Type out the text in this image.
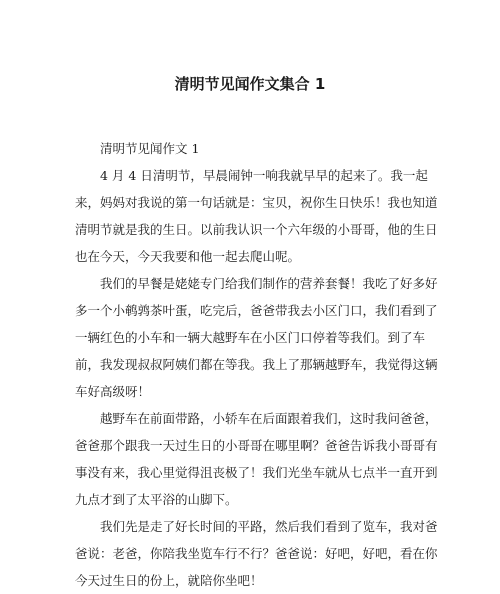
清明节见闻作文集合 1

清明节见闻作文 1

4 月 4 日清明节，早晨闹钟一响我就早早的起来了。我一起
来，妈妈对我说的第一句话就是：宝贝，祝你生日快乐！我也知道
清明节就是我的生日。以前我认识一个六年级的小哥哥，他的生日
也在今天，今天我要和他一起去爬山呢。

我们的早餐是姥姥专门给我们制作的营养套餐！我吃了好多好
多一个小鹌鹑茶叶蛋，吃完后，爸爸带我去小区门口，我们看到了
一辆红色的小车和一辆大越野车在小区门口停着等我们。到了车
前，我发现叔叔阿姨们都在等我。我上了那辆越野车，我觉得这辆
车好高级呀！

越野车在前面带路，小轿车在后面跟着我们，这时我问爸爸，
爸爸那个跟我一天过生日的小哥哥在哪里啊？爸爸告诉我小哥哥有
事没有来，我心里觉得沮丧极了！我们光坐车就从七点半一直开到
九点才到了太平浴的山脚下。

我们先是走了好长时间的平路，然后我们看到了览车，我对爸
爸说：老爸，你陪我坐览车行不行？爸爸说：好吧，好吧，看在你
今天过生日的份上，就陪你坐吧！
